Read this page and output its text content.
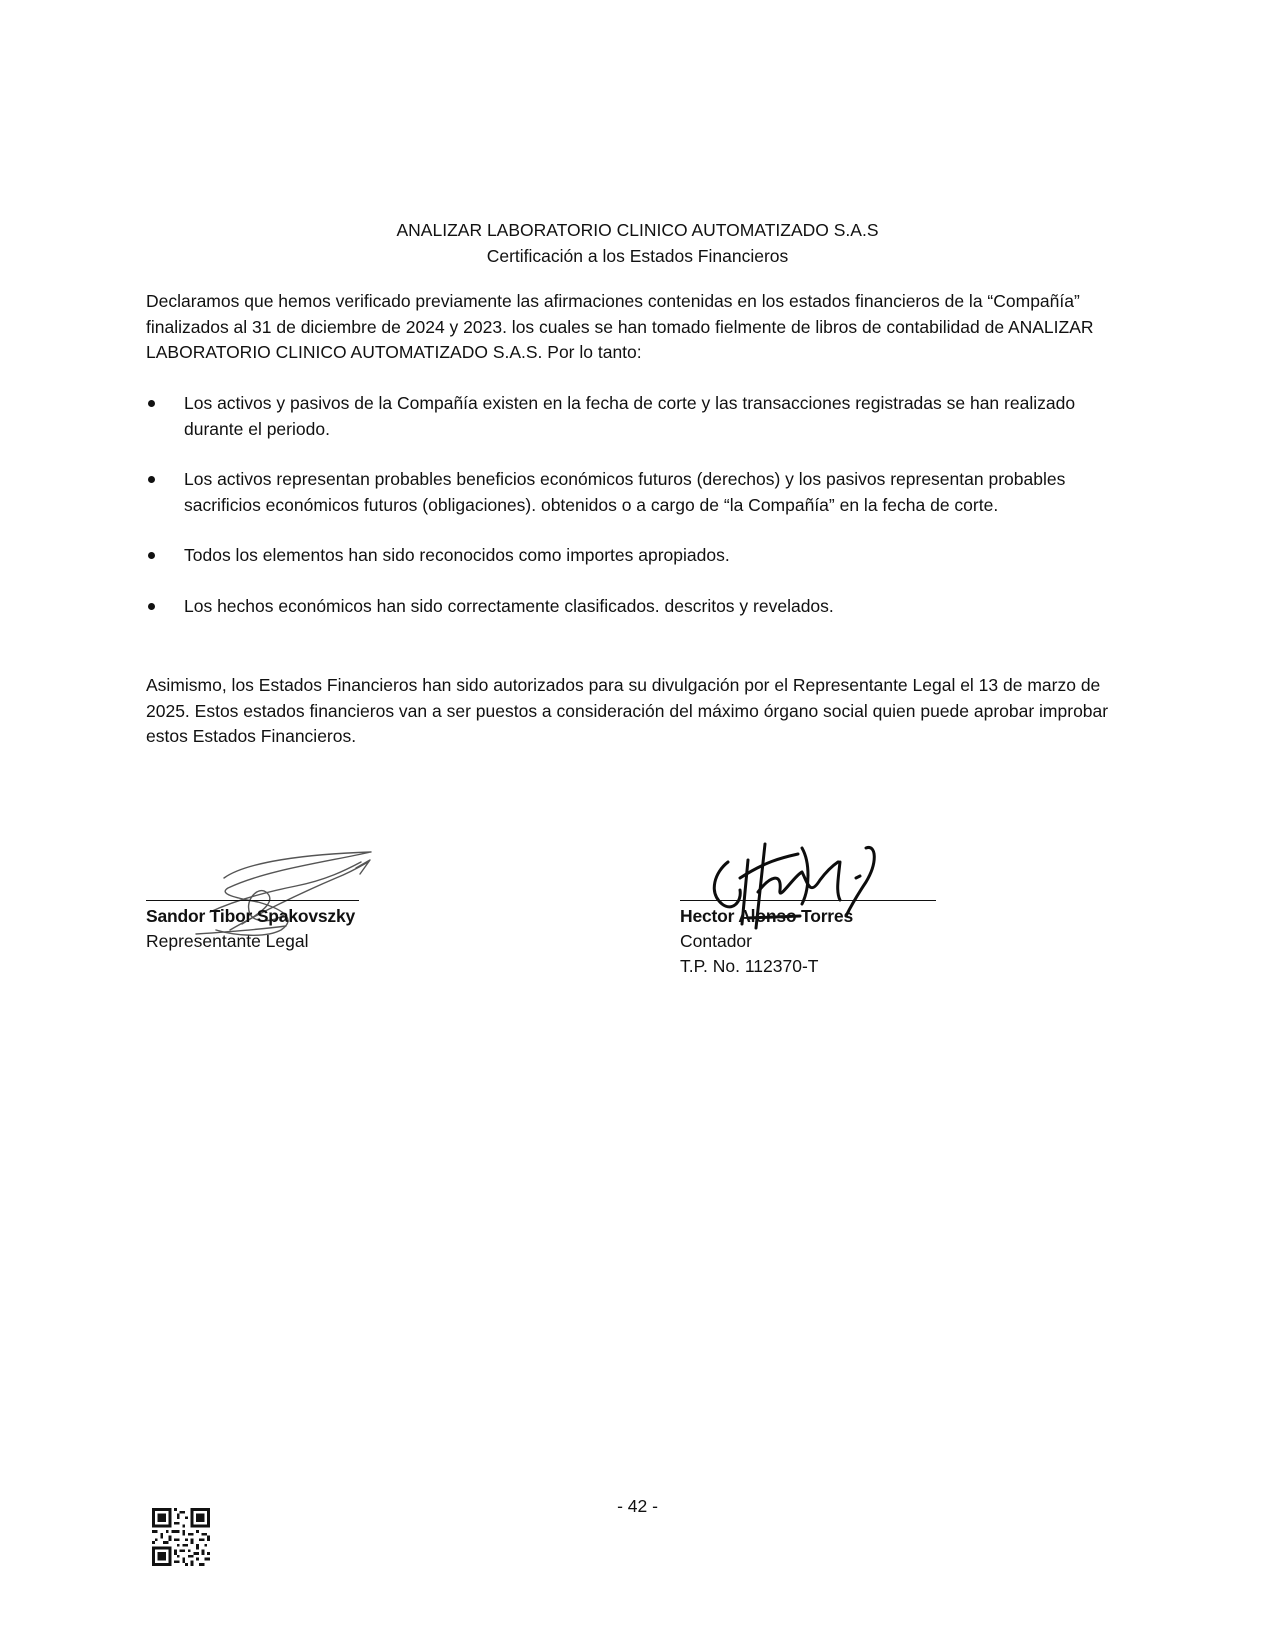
ANALIZAR LABORATORIO CLINICO AUTOMATIZADO S.A.S
Certificación a los Estados Financieros
Declaramos que hemos verificado previamente las afirmaciones contenidas en los estados financieros de la “Compañía” finalizados al 31 de diciembre de 2024 y 2023. los cuales se han tomado fielmente de libros de contabilidad de ANALIZAR LABORATORIO CLINICO AUTOMATIZADO S.A.S. Por lo tanto:
Los activos y pasivos de la Compañía existen en la fecha de corte y las transacciones registradas se han realizado durante el periodo.
Los activos representan probables beneficios económicos futuros (derechos) y los pasivos representan probables sacrificios económicos futuros (obligaciones). obtenidos o a cargo de “la Compañía” en la fecha de corte.
Todos los elementos han sido reconocidos como importes apropiados.
Los hechos económicos han sido correctamente clasificados. descritos y revelados.
Asimismo, los Estados Financieros han sido autorizados para su divulgación por el Representante Legal el 13 de marzo de 2025. Estos estados financieros van a ser puestos a consideración del máximo órgano social quien puede aprobar improbar estos Estados Financieros.
Sandor Tibor Spakovszky
Representante Legal
Hector Alonso Torres
Contador
T.P. No. 112370-T
- 42 -
